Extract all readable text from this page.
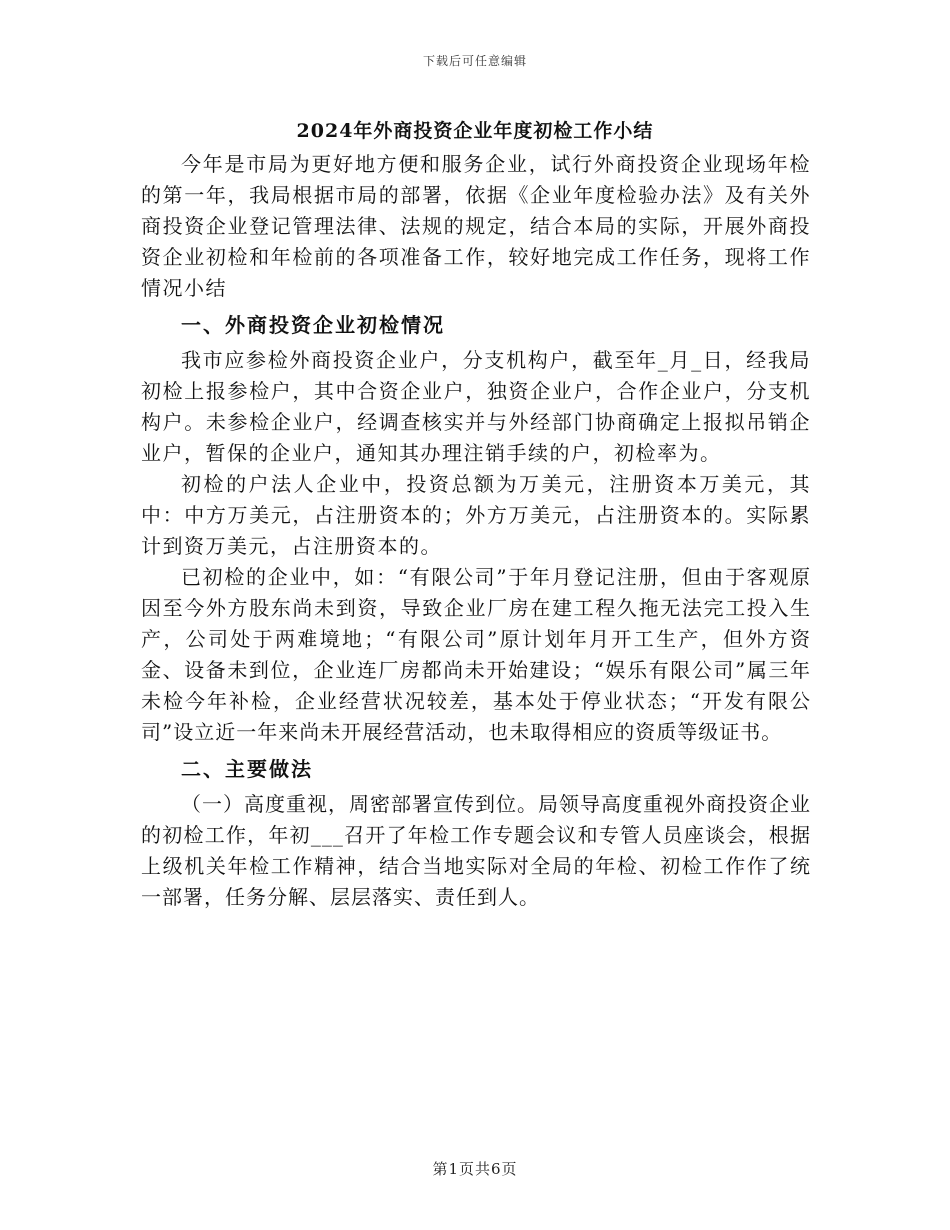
下载后可任意编辑
2024年外商投资企业年度初检工作小结

今年是市局为更好地方便和服务企业，试行外商投资企业现场年检的第一年，我局根据市局的部署，依据《企业年度检验办法》及有关外商投资企业登记管理法律、法规的规定，结合本局的实际，开展外商投资企业初检和年检前的各项准备工作，较好地完成工作任务，现将工作情况小结

一、外商投资企业初检情况

我市应参检外商投资企业户，分支机构户，截至年_月_日，经我局初检上报参检户，其中合资企业户，独资企业户，合作企业户，分支机构户。未参检企业户，经调查核实并与外经部门协商确定上报拟吊销企业户，暂保的企业户，通知其办理注销手续的户，初检率为。

初检的户法人企业中，投资总额为万美元，注册资本万美元，其中：中方万美元，占注册资本的；外方万美元，占注册资本的。实际累计到资万美元，占注册资本的。

已初检的企业中，如：“有限公司”于年月登记注册，但由于客观原因至今外方股东尚未到资，导致企业厂房在建工程久拖无法完工投入生产，公司处于两难境地；“有限公司”原计划年月开工生产，但外方资金、设备未到位，企业连厂房都尚未开始建设；“娱乐有限公司”属三年未检今年补检，企业经营状况较差，基本处于停业状态；“开发有限公司”设立近一年来尚未开展经营活动，也未取得相应的资质等级证书。

二、主要做法

（一）高度重视，周密部署宣传到位。局领导高度重视外商投资企业的初检工作，年初___召开了年检工作专题会议和专管人员座谈会，根据上级机关年检工作精神，结合当地实际对全局的年检、初检工作作了统一部署，任务分解、层层落实、责任到人。

第1页共6页
